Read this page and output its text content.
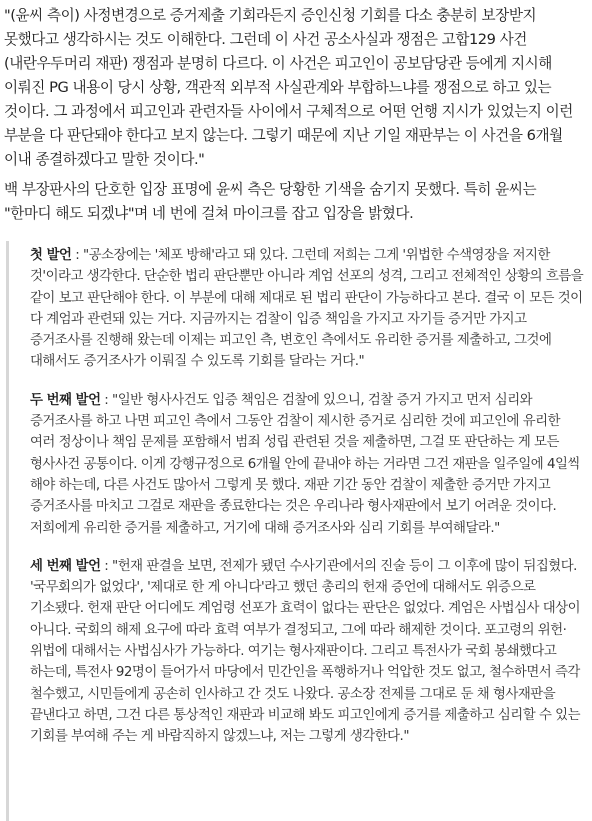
"(윤씨 측이) 사정변경으로 증거제출 기회라든지 증인신청 기회를 다소 충분히 보장받지 못했다고 생각하시는 것도 이해한다. 그런데 이 사건 공소사실과 쟁점은 고합129 사건(내란우두머리 재판) 쟁점과 분명히 다르다. 이 사건은 피고인이 공보담당관 등에게 지시해 이뤄진 PG 내용이 당시 상황, 객관적 외부적 사실관계와 부합하느냐를 쟁점으로 하고 있는 것이다. 그 과정에서 피고인과 관련자들 사이에서 구체적으로 어떤 언행 지시가 있었는지 이런 부분을 다 판단돼야 한다고 보지 않는다. 그렇기 때문에 지난 기일 재판부는 이 사건을 6개월 이내 종결하겠다고 말한 것이다."

백 부장판사의 단호한 입장 표명에 윤씨 측은 당황한 기색을 숨기지 못했다. 특히 윤씨는 "한마디 해도 되겠냐"며 네 번에 걸쳐 마이크를 잡고 입장을 밝혔다.

첫 발언 : "공소장에는 '체포 방해'라고 돼 있다. 그런데 저희는 그게 '위법한 수색영장을 저지한 것'이라고 생각한다. 단순한 법리 판단뿐만 아니라 계엄 선포의 성격, 그리고 전체적인 상황의 흐름을 같이 보고 판단해야 한다. 이 부분에 대해 제대로 된 법리 판단이 가능하다고 본다. 결국 이 모든 것이 다 계엄과 관련돼 있는 거다. 지금까지는 검찰이 입증 책임을 가지고 자기들 증거만 가지고 증거조사를 진행해 왔는데 이제는 피고인 측, 변호인 측에서도 유리한 증거를 제출하고, 그것에 대해서도 증거조사가 이뤄질 수 있도록 기회를 달라는 거다."

두 번째 발언 : "일반 형사사건도 입증 책임은 검찰에 있으니, 검찰 증거 가지고 먼저 심리와 증거조사를 하고 나면 피고인 측에서 그동안 검찰이 제시한 증거로 심리한 것에 피고인에 유리한 여러 정상이나 책임 문제를 포함해서 범죄 성립 관련된 것을 제출하면, 그걸 또 판단하는 게 모든 형사사건 공통이다. 이게 강행규정으로 6개월 안에 끝내야 하는 거라면 그건 재판을 일주일에 4일씩 해야 하는데, 다른 사건도 많아서 그렇게 못 했다. 재판 기간 동안 검찰이 제출한 증거만 가지고 증거조사를 마치고 그걸로 재판을 종료한다는 것은 우리나라 형사재판에서 보기 어려운 것이다. 저희에게 유리한 증거를 제출하고, 거기에 대해 증거조사와 심리 기회를 부여해달라."

세 번째 발언 : "헌재 판결을 보면, 전제가 됐던 수사기관에서의 진술 등이 그 이후에 많이 뒤집혔다. '국무회의가 없었다', '제대로 한 게 아니다'라고 했던 총리의 헌재 증언에 대해서도 위증으로 기소됐다. 헌재 판단 어디에도 계엄령 선포가 효력이 없다는 판단은 없었다. 계엄은 사법심사 대상이 아니다. 국회의 해제 요구에 따라 효력 여부가 결정되고, 그에 따라 해제한 것이다. 포고령의 위헌·위법에 대해서는 사법심사가 가능하다. 여기는 형사재판이다. 그리고 특전사가 국회 봉쇄했다고 하는데, 특전사 92명이 들어가서 마당에서 민간인을 폭행하거나 억압한 것도 없고, 철수하면서 즉각 철수했고, 시민들에게 공손히 인사하고 간 것도 나왔다. 공소장 전제를 그대로 둔 채 형사재판을 끝낸다고 하면, 그건 다른 통상적인 재판과 비교해 봐도 피고인에게 증거를 제출하고 심리할 수 있는 기회를 부여해 주는 게 바람직하지 않겠느냐, 저는 그렇게 생각한다."
